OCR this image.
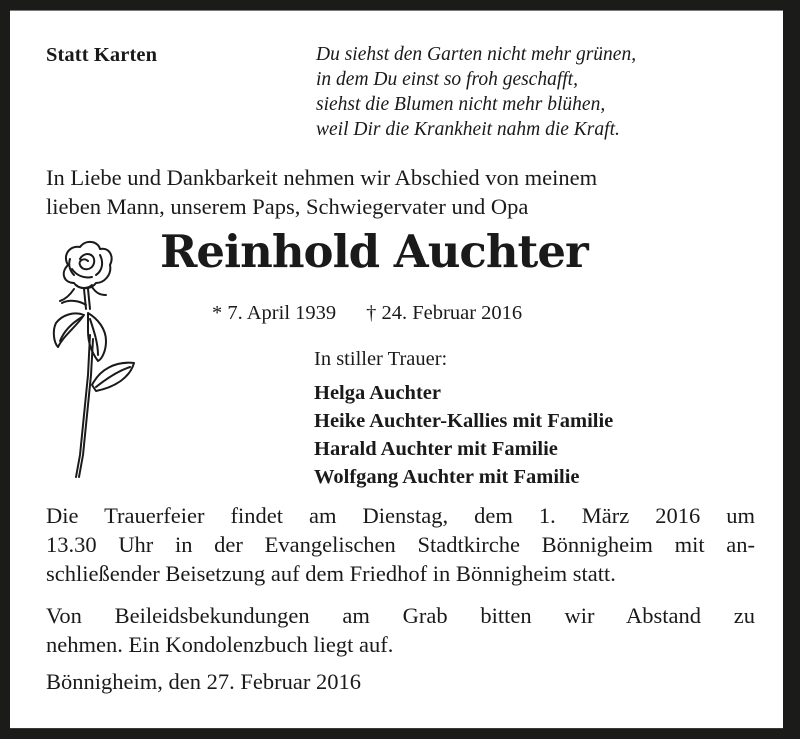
Statt Karten	Du siehst den Garten nicht mehr grünen,
in dem Du einst so froh geschafft,
siehst die Blumen nicht mehr blühen,
weil Dir die Krankheit nahm die Kraft.
In Liebe und Dankbarkeit nehmen wir Abschied von meinem
lieben Mann, unserem Paps, Schwiegervater und Opa
Reinhold Auchter
* 7. April 1939 † 24. Februar 2016
In stiller Trauer:
Helga Auchter
Heike Auchter-Kallies mit Familie
Harald Auchter mit Familie
Wolfgang Auchter mit Familie
Die Trauerfeier findet am Dienstag, dem 1. März 2016 um
13.30 Uhr in der Evangelischen Stadtkirche Bönnigheim mit an-
schließender Beisetzung auf dem Friedhof in Bönnigheim statt.
Von Beileidsbekundungen am Grab bitten wir Abstand zu
nehmen. Ein Kondolenzbuch liegt auf.
Bönnigheim, den 27. Februar 2016
